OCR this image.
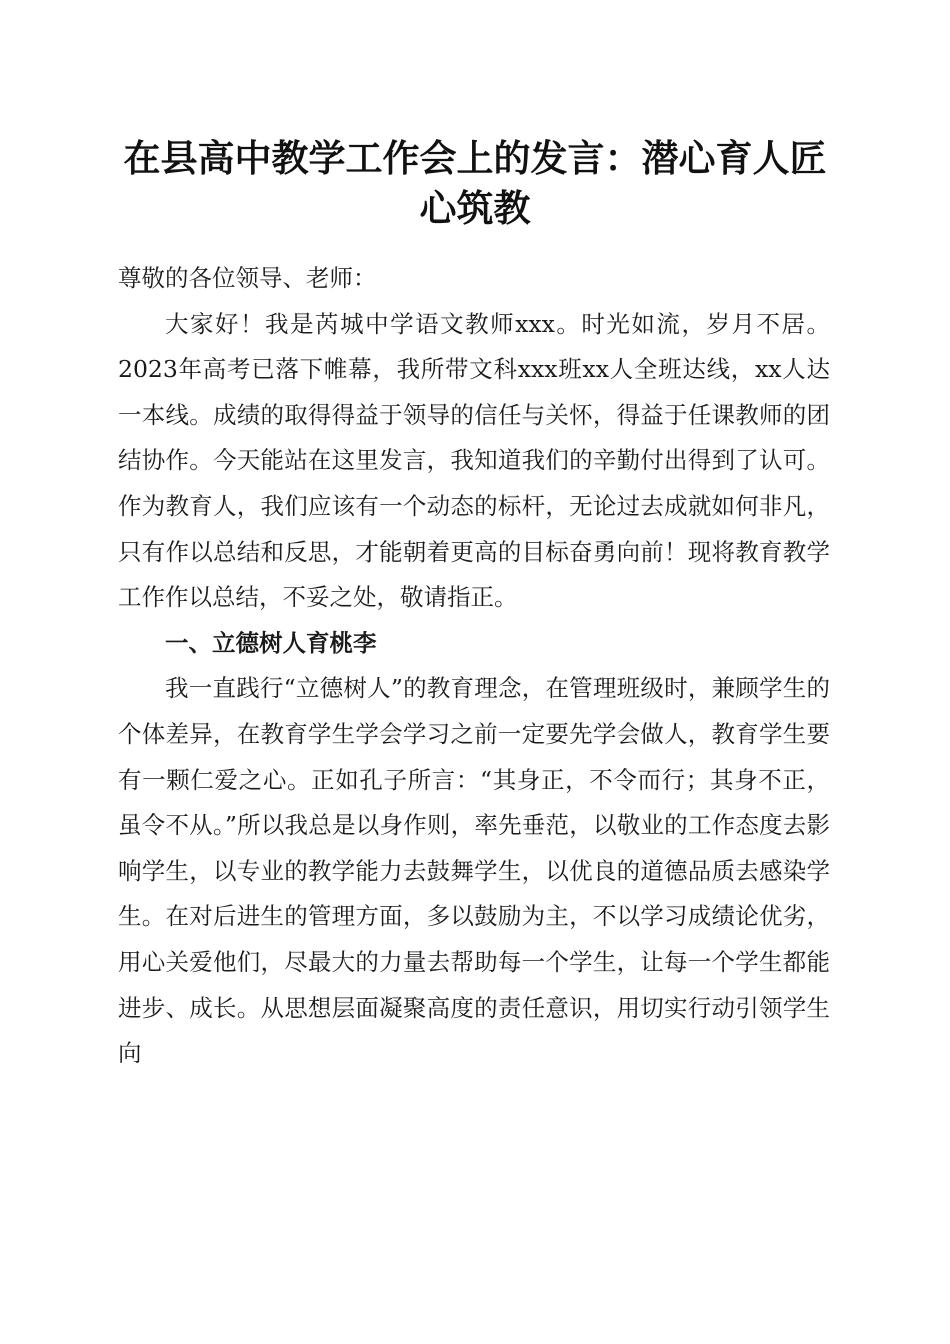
在县高中教学工作会上的发言：潜心育人匠心筑教

尊敬的各位领导、老师：

大家好！我是芮城中学语文教师xxx。时光如流，岁月不居。2023年高考已落下帷幕，我所带文科xxx班xx人全班达线，xx人达一本线。成绩的取得得益于领导的信任与关怀，得益于任课教师的团结协作。今天能站在这里发言，我知道我们的辛勤付出得到了认可。作为教育人，我们应该有一个动态的标杆，无论过去成就如何非凡，只有作以总结和反思，才能朝着更高的目标奋勇向前！现将教育教学工作作以总结，不妥之处，敬请指正。

一、立德树人育桃李

我一直践行“立德树人”的教育理念，在管理班级时，兼顾学生的个体差异，在教育学生学会学习之前一定要先学会做人，教育学生要有一颗仁爱之心。正如孔子所言：“其身正，不令而行；其身不正，虽令不从。”所以我总是以身作则，率先垂范，以敬业的工作态度去影响学生，以专业的教学能力去鼓舞学生，以优良的道德品质去感染学生。在对后进生的管理方面，多以鼓励为主，不以学习成绩论优劣，用心关爱他们，尽最大的力量去帮助每一个学生，让每一个学生都能进步、成长。从思想层面凝聚高度的责任意识，用切实行动引领学生向
